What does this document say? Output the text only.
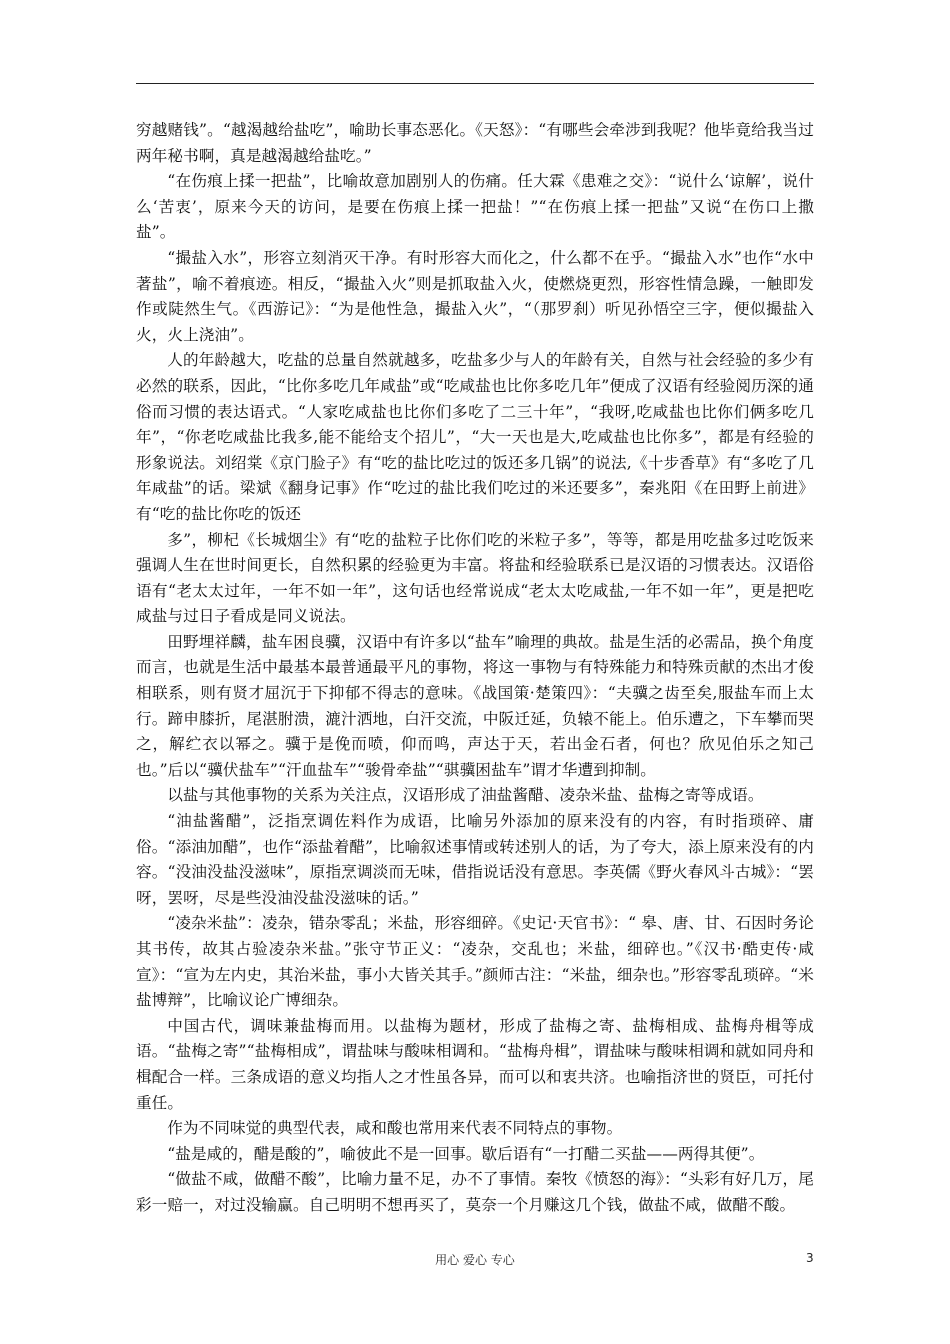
穷越赌钱”。“越渴越给盐吃”，喻助长事态恶化。《天怒》：“有哪些会牵涉到我呢？他毕竟给我当过两年秘书啊，真是越渴越给盐吃。”

“在伤痕上揉一把盐”，比喻故意加剧别人的伤痛。任大霖《患难之交》：“说什么‘谅解’，说什么‘苦衷’，原来今天的访问，是要在伤痕上揉一把盐！”“在伤痕上揉一把盐”又说“在伤口上撒盐”。

“撮盐入水”，形容立刻消灭干净。有时形容大而化之，什么都不在乎。“撮盐入水”也作“水中著盐”，喻不着痕迹。相反，“撮盐入火”则是抓取盐入火，使燃烧更烈，形容性情急躁，一触即发作或陡然生气。《西游记》：“为是他性急，撮盐入火”，“（那罗刹）听见孙悟空三字，便似撮盐入火，火上浇油”。

人的年龄越大，吃盐的总量自然就越多，吃盐多少与人的年龄有关，自然与社会经验的多少有必然的联系，因此，“比你多吃几年咸盐”或“吃咸盐也比你多吃几年”便成了汉语有经验阅历深的通俗而习惯的表达语式。“人家吃咸盐也比你们多吃了二三十年”，“我呀,吃咸盐也比你们俩多吃几年”，“你老吃咸盐比我多,能不能给支个招儿”，“大一天也是大,吃咸盐也比你多”，都是有经验的形象说法。刘绍棠《京门脸子》有“吃的盐比吃过的饭还多几锅”的说法,《十步香草》有“多吃了几年咸盐”的话。梁斌《翻身记事》作“吃过的盐比我们吃过的米还要多”，秦兆阳《在田野上前进》有“吃的盐比你吃的饭还

多”，柳杞《长城烟尘》有“吃的盐粒子比你们吃的米粒子多”，等等，都是用吃盐多过吃饭来强调人生在世时间更长，自然积累的经验更为丰富。将盐和经验联系已是汉语的习惯表达。汉语俗语有“老太太过年，一年不如一年”，这句话也经常说成“老太太吃咸盐,一年不如一年”，更是把吃咸盐与过日子看成是同义说法。

田野埋祥麟，盐车困良骥，汉语中有许多以“盐车”喻理的典故。盐是生活的必需品，换个角度而言，也就是生活中最基本最普通最平凡的事物，将这一事物与有特殊能力和特殊贡献的杰出才俊相联系，则有贤才屈沉于下抑郁不得志的意味。《战国策·楚策四》：“夫骥之齿至矣,服盐车而上太行。蹄申膝折，尾湛胕溃，漉汁洒地，白汗交流，中阪迁延，负辕不能上。伯乐遭之，下车攀而哭之，解纻衣以幂之。骥于是俛而喷，仰而鸣，声达于天，若出金石者，何也？欣见伯乐之知己也。”后以“骥伏盐车”“汗血盐车”“骏骨牵盐”“骐骥困盐车”谓才华遭到抑制。

以盐与其他事物的关系为关注点，汉语形成了油盐酱醋、凌杂米盐、盐梅之寄等成语。

“油盐酱醋”，泛指烹调佐料作为成语，比喻另外添加的原来没有的内容，有时指琐碎、庸俗。“添油加醋”，也作“添盐着醋”，比喻叙述事情或转述别人的话，为了夸大，添上原来没有的内容。“没油没盐没滋味”，原指烹调淡而无味，借指说话没有意思。李英儒《野火春风斗古城》：“罢呀，罢呀，尽是些没油没盐没滋味的话。”

“凌杂米盐”：凌杂，错杂零乱；米盐，形容细碎。《史记·天官书》：“ 皋、唐、甘、石因时务论其书传，故其占验凌杂米盐。”张守节正义：“凌杂，交乱也；米盐，细碎也。”《汉书·酷吏传·咸宣》：“宣为左内史，其治米盐，事小大皆关其手。”颜师古注：“米盐，细杂也。”形容零乱琐碎。“米盐博辩”，比喻议论广博细杂。

中国古代，调味兼盐梅而用。以盐梅为题材，形成了盐梅之寄、盐梅相成、盐梅舟楫等成语。“盐梅之寄”“盐梅相成”，谓盐味与酸味相调和。“盐梅舟楫”，谓盐味与酸味相调和就如同舟和楫配合一样。三条成语的意义均指人之才性虽各异，而可以和衷共济。也喻指济世的贤臣，可托付重任。

作为不同味觉的典型代表，咸和酸也常用来代表不同特点的事物。

“盐是咸的，醋是酸的”，喻彼此不是一回事。歇后语有“一打醋二买盐——两得其便”。

“做盐不咸，做醋不酸”，比喻力量不足，办不了事情。秦牧《愤怒的海》：“头彩有好几万，尾彩一赔一，对过没输赢。自己明明不想再买了，莫奈一个月赚这几个钱，做盐不咸，做醋不酸。

用心 爱心 专心	3
